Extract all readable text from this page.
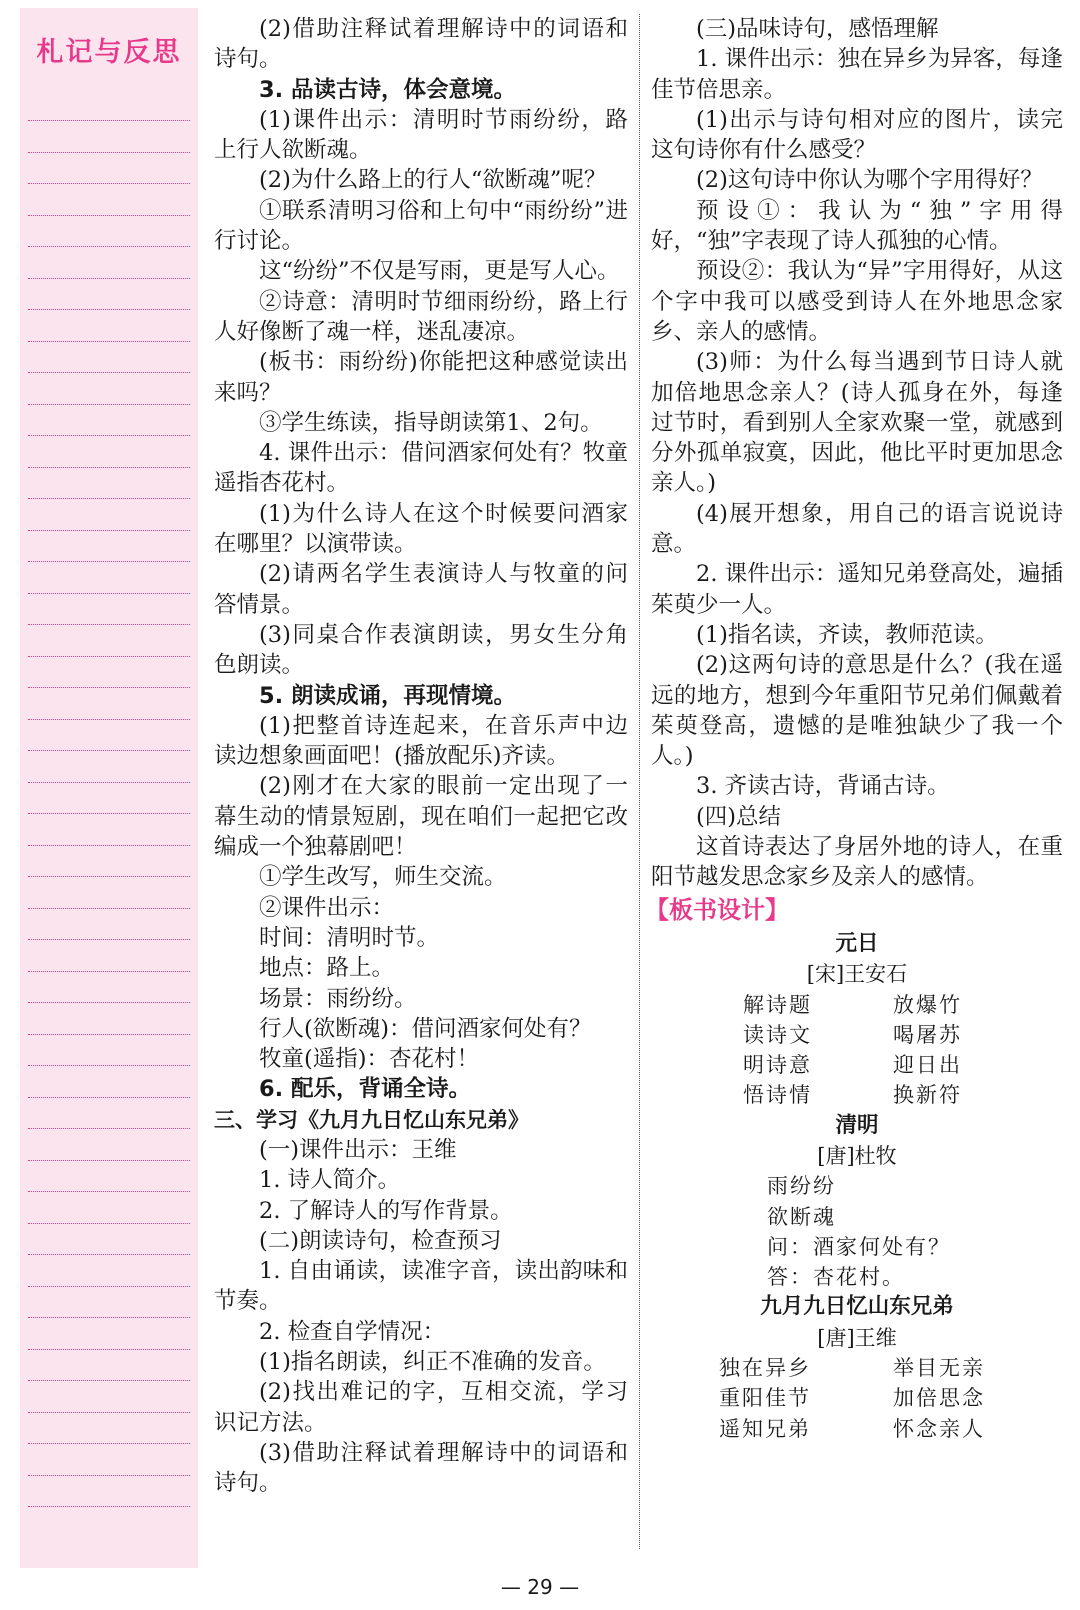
札记与反思

(2)借助注释试着理解诗中的词语和诗句。

3. 品读古诗，体会意境。

(1)课件出示：清明时节雨纷纷，路上行人欲断魂。

(2)为什么路上的行人“欲断魂”呢？

①联系清明习俗和上句中“雨纷纷”进行讨论。

这“纷纷”不仅是写雨，更是写人心。

②诗意：清明时节细雨纷纷，路上行人好像断了魂一样，迷乱凄凉。

(板书：雨纷纷)你能把这种感觉读出来吗？

③学生练读，指导朗读第1、2句。

4. 课件出示：借问酒家何处有？牧童遥指杏花村。

(1)为什么诗人在这个时候要问酒家在哪里？以演带读。

(2)请两名学生表演诗人与牧童的问答情景。

(3)同桌合作表演朗读，男女生分角色朗读。

5. 朗读成诵，再现情境。

(1)把整首诗连起来，在音乐声中边读边想象画面吧！(播放配乐)齐读。

(2)刚才在大家的眼前一定出现了一幕生动的情景短剧，现在咱们一起把它改编成一个独幕剧吧！

①学生改写，师生交流。

②课件出示：

时间：清明时节。

地点：路上。

场景：雨纷纷。

行人(欲断魂)：借问酒家何处有？

牧童(遥指)：杏花村！

6. 配乐，背诵全诗。

三、学习《九月九日忆山东兄弟》

(一)课件出示：王维

1. 诗人简介。

2. 了解诗人的写作背景。

(二)朗读诗句，检查预习

1. 自由诵读，读准字音，读出韵味和节奏。

2. 检查自学情况：

(1)指名朗读，纠正不准确的发音。

(2)找出难记的字，互相交流，学习识记方法。

(3)借助注释试着理解诗中的词语和诗句。

(三)品味诗句，感悟理解

1. 课件出示：独在异乡为异客，每逢佳节倍思亲。

(1)出示与诗句相对应的图片，读完这句诗你有什么感受？

(2)这句诗中你认为哪个字用得好？

预设①：我认为“独”字用得好，“独”字表现了诗人孤独的心情。

预设②：我认为“异”字用得好，从这个字中我可以感受到诗人在外地思念家乡、亲人的感情。

(3)师：为什么每当遇到节日诗人就加倍地思念亲人？(诗人孤身在外，每逢过节时，看到别人全家欢聚一堂，就感到分外孤单寂寞，因此，他比平时更加思念亲人。)

(4)展开想象，用自己的语言说说诗意。

2. 课件出示：遥知兄弟登高处，遍插茱萸少一人。

(1)指名读，齐读，教师范读。

(2)这两句诗的意思是什么？(我在遥远的地方，想到今年重阳节兄弟们佩戴着茱萸登高，遗憾的是唯独缺少了我一个人。)

3. 齐读古诗，背诵古诗。

(四)总结

这首诗表达了身居外地的诗人，在重阳节越发思念家乡及亲人的感情。

【板书设计】
元日
[宋]王安石
解诗题	放爆竹
读诗文	喝屠苏
明诗意	迎日出
悟诗情	换新符
清明
[唐]杜牧
雨纷纷
欲断魂
问：酒家何处有？
答：杏花村。
九月九日忆山东兄弟
[唐]王维
独在异乡	举目无亲
重阳佳节	加倍思念
遥知兄弟	怀念亲人
— 29 —
